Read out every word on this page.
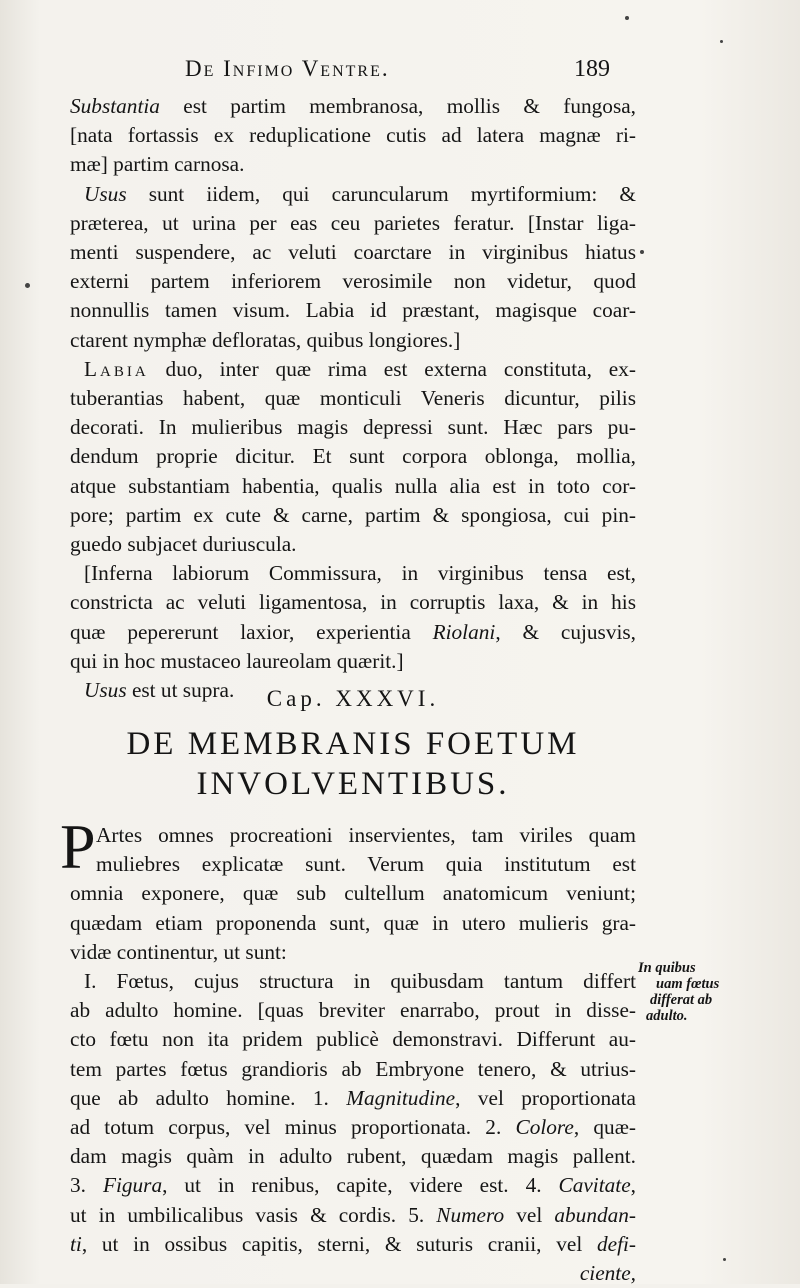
De Infimo Ventre.	189
Substantia est partim membranosa, mollis & fungosa,
[nata fortassis ex reduplicatione cutis ad latera magnæ ri-
mæ] partim carnosa.
Usus sunt iidem, qui caruncularum myrtiformium: &
præterea, ut urina per eas ceu parietes feratur. [Instar liga-
menti suspendere, ac veluti coarctare in virginibus hiatus
externi partem inferiorem verosimile non videtur, quod
nonnullis tamen visum. Labia id præstant, magisque coar-
ctarent nymphæ defloratas, quibus longiores.]
Labia duo, inter quæ rima est externa constituta, ex-
tuberantias habent, quæ monticuli Veneris dicuntur, pilis
decorati. In mulieribus magis depressi sunt. Hæc pars pu-
dendum proprie dicitur. Et sunt corpora oblonga, mollia,
atque substantiam habentia, qualis nulla alia est in toto cor-
pore; partim ex cute & carne, partim & spongiosa, cui pin-
guedo subjacet duriuscula.
[Inferna labiorum Commissura, in virginibus tensa est,
constricta ac veluti ligamentosa, in corruptis laxa, & in his
quæ pepererunt laxior, experientia Riolani, & cujusvis,
qui in hoc mustaceo laureolam quærit.]
Usus est ut supra.	Cap. XXXVI.
DE MEMBRANIS FOETUM
INVOLVENTIBUS.
P Artes omnes procreationi inservientes, tam viriles quam
muliebres explicatæ sunt. Verum quia institutum est
omnia exponere, quæ sub cultellum anatomicum veniunt;
quædam etiam proponenda sunt, quæ in utero mulieris gra-
vidæ continentur, ut sunt:
I. Fœtus, cujus structura in quibusdam tantum differt
ab adulto homine. [quas breviter enarrabo, prout in disse-
cto fœtu non ita pridem publicè demonstravi. Differunt au-
tem partes fœtus grandioris ab Embryone tenero, & utrius-
que ab adulto homine. 1. Magnitudine, vel proportionata
ad totum corpus, vel minus proportionata. 2. Colore, quæ-
dam magis quàm in adulto rubent, quædam magis pallent.
3. Figura, ut in renibus, capite, videre est. 4. Cavitate,
ut in umbilicalibus vasis & cordis. 5. Numero vel abundan-
ti, ut in ossibus capitis, sterni, & suturis cranii, vel defi-
ciente,
In quibus
uam fœtus
differat ab
adulto.
